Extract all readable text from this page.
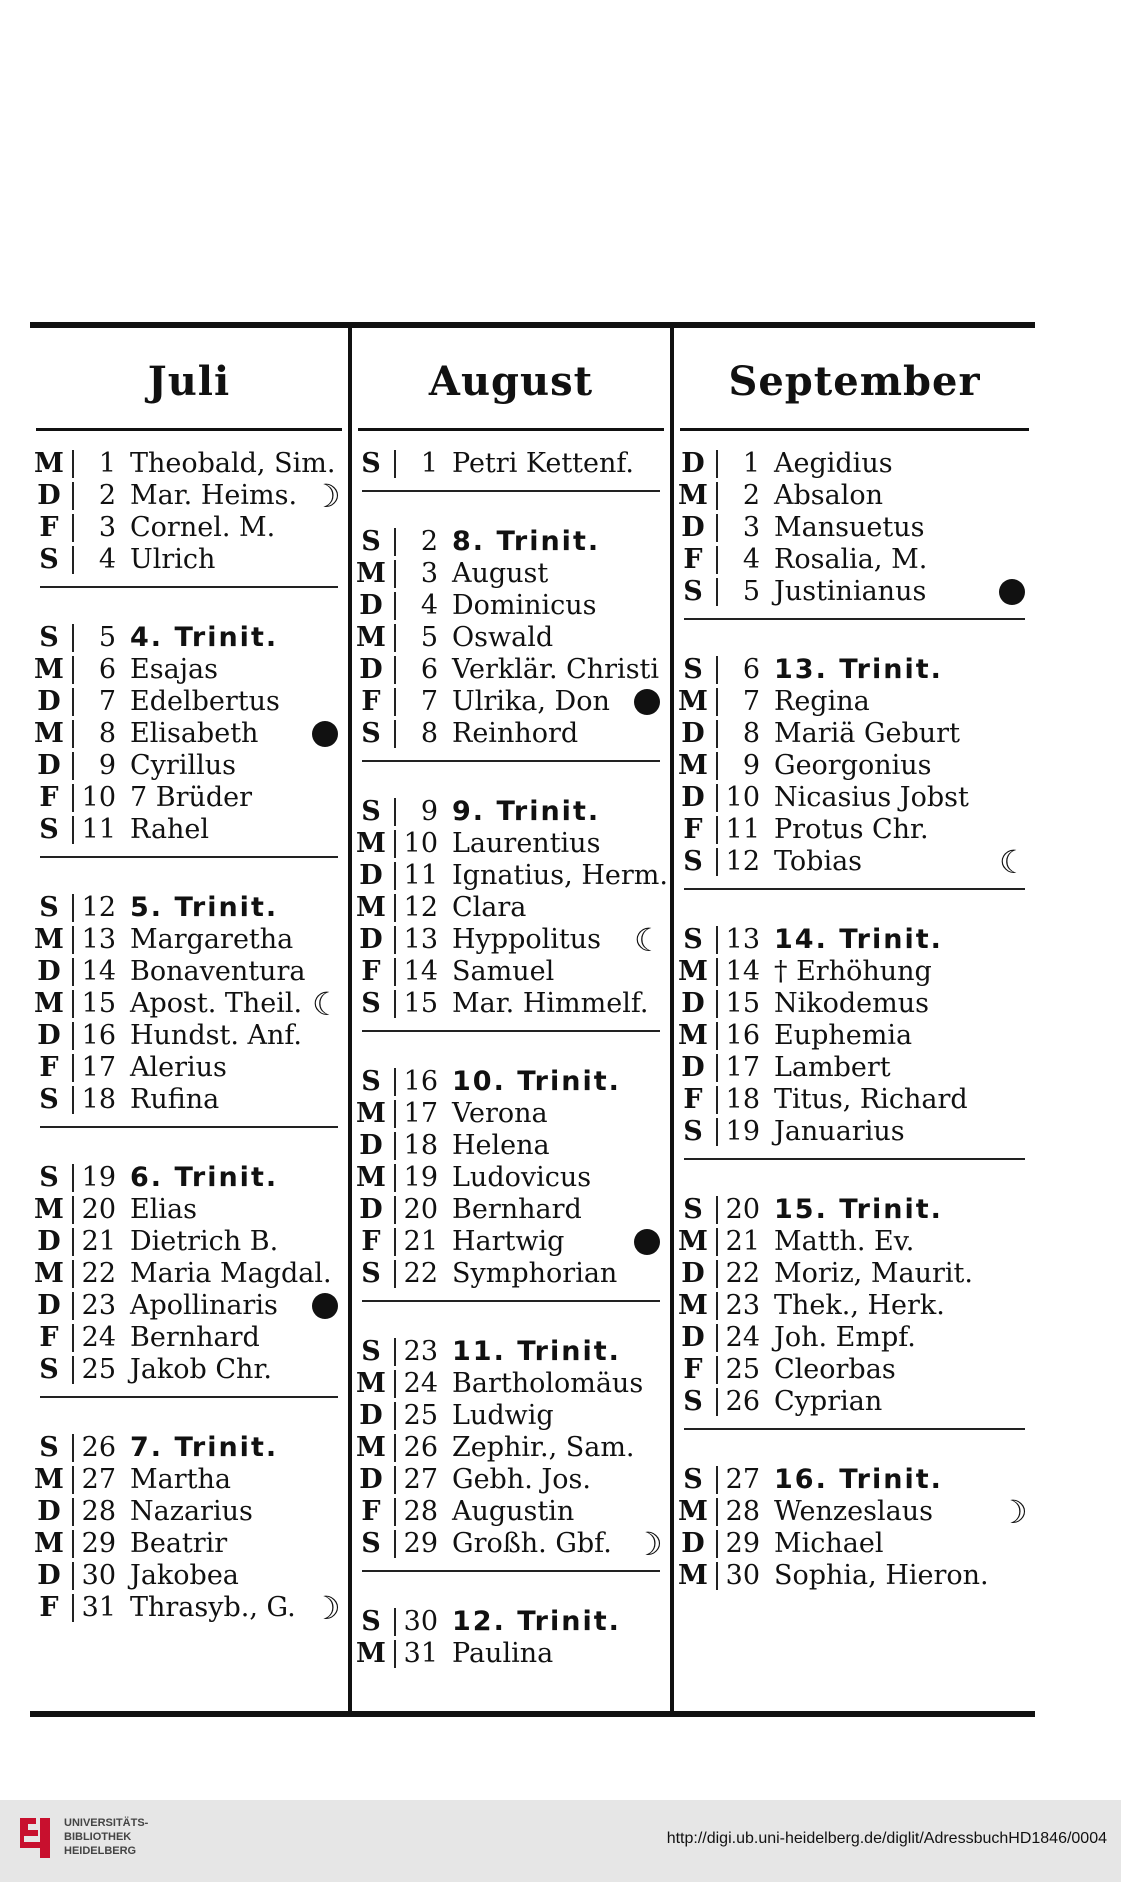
Juli
M	1 Theobald, Sim.
D	2 Mar. Heims. ☽
F	3 Cornel. M.
S	4 Ulrich
S	5 4. Trinit.
M	6 Esajas
D	7 Edelbertus
M	8 Elisabeth
D	9 Cyrillus
F 10 7 Brüder
S 11 Rahel
S 12 5. Trinit.
M 13 Margaretha
D 14 Bonaventura
M 15 Apost. Theil. ☾
D 16 Hundst. Anf.
F 17 Alerius
S 18 Rufina
S 19 6. Trinit.
M 20 Elias
D 21 Dietrich B.
M 22 Maria Magdal.
D 23 Apollinaris
F 24 Bernhard
S 25 Jakob Chr.
S 26 7. Trinit.
M 27 Martha
D 28 Nazarius
M 29 Beatrir
D 30 Jakobea
F 31 Thrasyb., G. ☽
August
S	1 Petri Kettenf.
S	2 8. Trinit.
M	3 August
D	4 Dominicus
M	5 Oswald
D	6 Verklär. Christi
F	7 Ulrika, Don
S	8 Reinhord
S	9 9. Trinit.
M 10 Laurentius
D 11 Ignatius, Herm.
M 12 Clara
D 13 Hyppolitus ☾
F 14 Samuel
S 15 Mar. Himmelf.
S 16 10. Trinit.
M 17 Verona
D 18 Helena
M 19 Ludovicus
D 20 Bernhard
F 21 Hartwig
S 22 Symphorian
S 23 11. Trinit.
M 24 Bartholomäus
D 25 Ludwig
M 26 Zephir., Sam.
D 27 Gebh. Jos.
F 28 Augustin
S 29 Großh. Gbf. ☽
S 30 12. Trinit.
M 31 Paulina
September
D	1 Aegidius
M	2 Absalon
D	3 Mansuetus
F	4 Rosalia, M.
S	5 Justinianus
S	6 13. Trinit.
M	7 Regina
D	8 Mariä Geburt
M	9 Georgonius
D 10 Nicasius Jobst
F 11 Protus Chr.
S 12 Tobias	☾
S 13 14. Trinit.
M 14 † Erhöhung
D 15 Nikodemus
M 16 Euphemia
D 17 Lambert
F 18 Titus, Richard
S 19 Januarius
S 20 15. Trinit.
M 21 Matth. Ev.
D 22 Moriz, Maurit.
M 23 Thek., Herk.
D 24 Joh. Empf.
F 25 Cleorbas
S 26 Cyprian
S 27 16. Trinit.
M 28 Wenzeslaus ☽
D 29 Michael
M 30 Sophia, Hieron.
UNIVERSITÄTS-
BIBLIOTHEK
HEIDELBERG
http://digi.ub.uni-heidelberg.de/diglit/AdressbuchHD1846/0004
